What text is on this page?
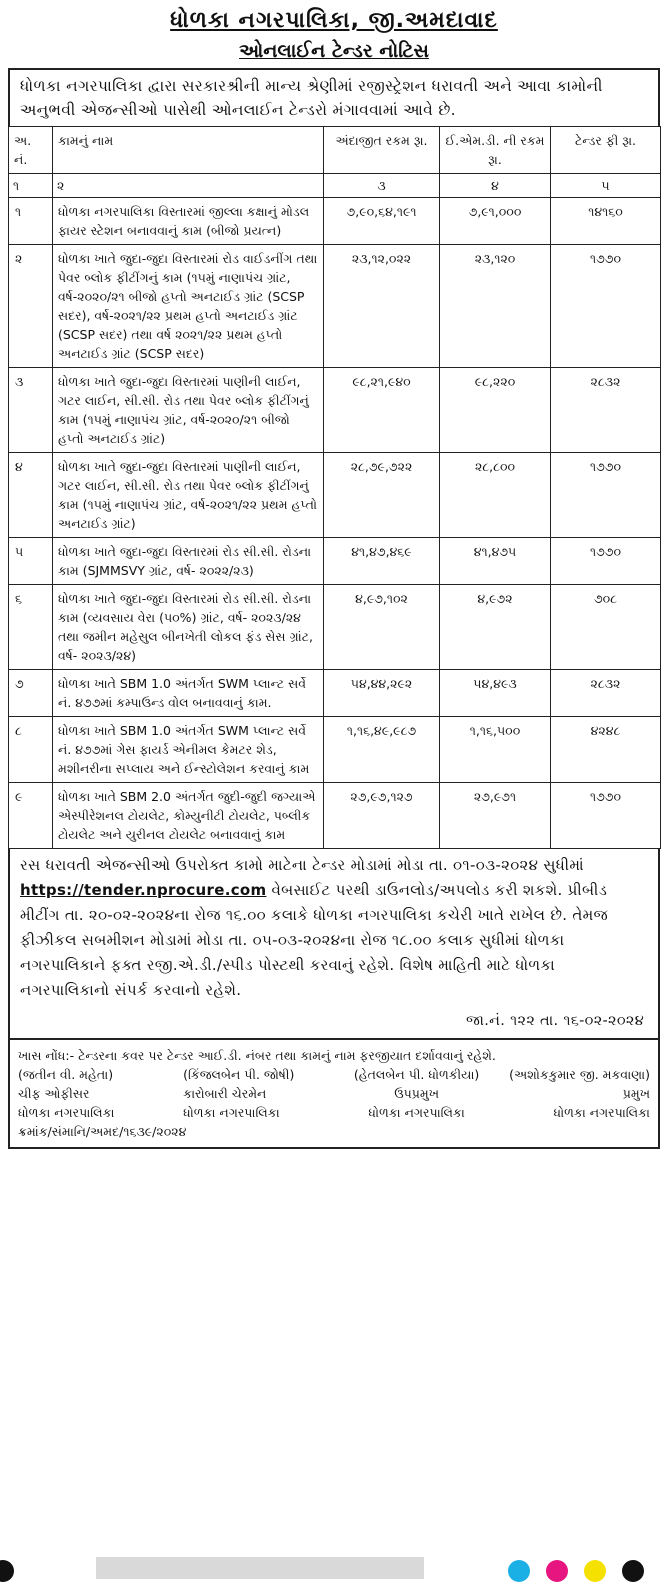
ધોળકા નગરપાલિકા, જી.અમદાવાદ
ઓનલાઈન ટેન્ડર નોટિસ
ધોળકા નગરપાલિકા દ્વારા સરકારશ્રીની માન્ય શ્રેણીમાં રજીસ્ટ્રેશન ધરાવતી અને આવા કામોની અનુભવી એજન્સીઓ પાસેથી ઓનલાઈન ટેન્ડરો મંગાવવામાં આવે છે.
અ. નં.	કામનું નામ	અંદાજીત રકમ રૂા.	ઈ.એમ.ડી. ની રકમ રૂા.	ટેન્ડર ફી રૂા.
૧	૨	૩	૪	૫
૧	ધોળકા નગરપાલિકા વિસ્તારમાં જીલ્લા કક્ષાનું મોડલ ફાયર સ્ટેશન બનાવવાનું કામ (બીજો પ્રયત્ન)	૭,૯૦,૬૪,૧૯૧	૭,૯૧,૦૦૦	૧૪૧૬૦
૨	ધોળકા ખાતે જુદા-જુદા વિસ્તારમાં રોડ વાઈડનીંગ તથા પેવર બ્લોક ફીટીંગનું કામ (૧૫મું નાણાપંચ ગ્રાંટ, વર્ષ-૨૦૨૦/૨૧ બીજો હપ્તો અનટાઈડ ગ્રાંટ (SCSP સદર), વર્ષ-૨૦૨૧/૨૨ પ્રથમ હપ્તો અનટાઈડ ગ્રાંટ (SCSP સદર) તથા વર્ષ ૨૦૨૧/૨૨ પ્રથમ હપ્તો અનટાઈડ ગ્રાંટ (SCSP સદર)	૨૩,૧૨,૦૨૨	૨૩,૧૨૦	૧૭૭૦
૩	ધોળકા ખાતે જુદા-જુદા વિસ્તારમાં પાણીની લાઈન, ગટર લાઈન, સી.સી. રોડ તથા પેવર બ્લોક ફીટીંગનું કામ (૧૫મું નાણાપંચ ગ્રાંટ, વર્ષ-૨૦૨૦/૨૧ બીજો હપ્તો અનટાઈડ ગ્રાંટ)	૯૮,૨૧,૯૪૦	૯૮,૨૨૦	૨૮૩૨
૪	ધોળકા ખાતે જુદા-જુદા વિસ્તારમાં પાણીની લાઈન, ગટર લાઈન, સી.સી. રોડ તથા પેવર બ્લોક ફીટીંગનું કામ (૧૫મું નાણાપંચ ગ્રાંટ, વર્ષ-૨૦૨૧/૨૨ પ્રથમ હપ્તો અનટાઈડ ગ્રાંટ)	૨૮,૭૯,૭૨૨	૨૮,૮૦૦	૧૭૭૦
૫	ધોળકા ખાતે જુદા-જુદા વિસ્તારમાં રોડ સી.સી. રોડના કામ (SJMMSVY ગ્રાંટ, વર્ષ- ૨૦૨૨/૨૩)	૪૧,૪૭,૪૬૯	૪૧,૪૭૫	૧૭૭૦
૬	ધોળકા ખાતે જુદા-જુદા વિસ્તારમાં રોડ સી.સી. રોડના કામ (વ્યવસાય વેરા (૫૦%) ગ્રાંટ, વર્ષ- ૨૦૨૩/૨૪ તથા જમીન મહેસુલ બીનખેતી લોકલ ફંડ સેસ ગ્રાંટ, વર્ષ- ૨૦૨૩/૨૪)	૪,૯૭,૧૦૨	૪,૯૭૨	૭૦૮
૭	ધોળકા ખાતે SBM 1.0 અંતર્ગત SWM પ્લાન્ટ સર્વે નં. ૪૭૭માં કમ્પાઉન્ડ વોલ બનાવવાનું કામ.	૫૪,૪૪,૨૯૨	૫૪,૪૯૩	૨૮૩૨
૮	ધોળકા ખાતે SBM 1.0 અંતર્ગત SWM પ્લાન્ટ સર્વે નં. ૪૭૭માં ગેસ ફાયર્ડ એનીમલ કેમટર શેડ, મશીનરીના સપ્લાય અને ઈન્સ્ટોલેશન કરવાનું કામ	૧,૧૬,૪૯,૯૮૭	૧,૧૬,૫૦૦	૪૨૪૮
૯	ધોળકા ખાતે SBM 2.0 અંતર્ગત જુદી-જુદી જગ્યાએ એસ્પીરેશનલ ટોયલેટ, કોમ્યુનીટી ટોયલેટ, પબ્લીક ટોયલેટ અને યુરીનલ ટોયલેટ બનાવવાનું કામ	૨૭,૯૭,૧૨૭	૨૭,૯૭૧	૧૭૭૦
રસ ધરાવતી એજન્સીઓ ઉપરોક્ત કામો માટેના ટેન્ડર મોડામાં મોડા તા. ૦૧-૦૩-૨૦૨૪ સુધીમાં https://tender.nprocure.com વેબસાઈટ પરથી ડાઉનલોડ/અપલોડ કરી શકશે. પ્રીબીડ મીટીંગ તા. ૨૦-૦૨-૨૦૨૪ના રોજ ૧૬.૦૦ કલાકે ધોળકા નગરપાલિકા કચેરી ખાતે રાખેલ છે. તેમજ ફીઝીકલ સબમીશન મોડામાં મોડા તા. ૦૫-૦૩-૨૦૨૪ના રોજ ૧૮.૦૦ કલાક સુધીમાં ધોળકા નગરપાલિકાને ફક્ત રજી.એ.ડી./સ્પીડ પોસ્ટથી કરવાનું રહેશે. વિશેષ માહિતી માટે ધોળકા નગરપાલિકાનો સંપર્ક કરવાનો રહેશે.
જા.નં. ૧૨૨ તા. ૧૬-૦૨-૨૦૨૪
ખાસ નોંધ:- ટેન્ડરના કવર પર ટેન્ડર આઈ.ડી. નંબર તથા કામનું નામ ફરજીયાત દર્શાવવાનું રહેશે.
(જતીન વી. મહેતા)	(કિંજલબેન પી. જોષી)	(હેતલબેન પી. ધોળકીયા)	(અશોકકુમાર જી. મકવાણા)
ચીફ ઓફીસર	કારોબારી ચેરમેન	ઉપપ્રમુખ	પ્રમુખ
ધોળકા નગરપાલિકા	ધોળકા નગરપાલિકા	ધોળકા નગરપાલિકા	ધોળકા નગરપાલિકા
ક્રમાંક/સંમાનિ/અમદ/૧૬૩૯/૨૦૨૪
